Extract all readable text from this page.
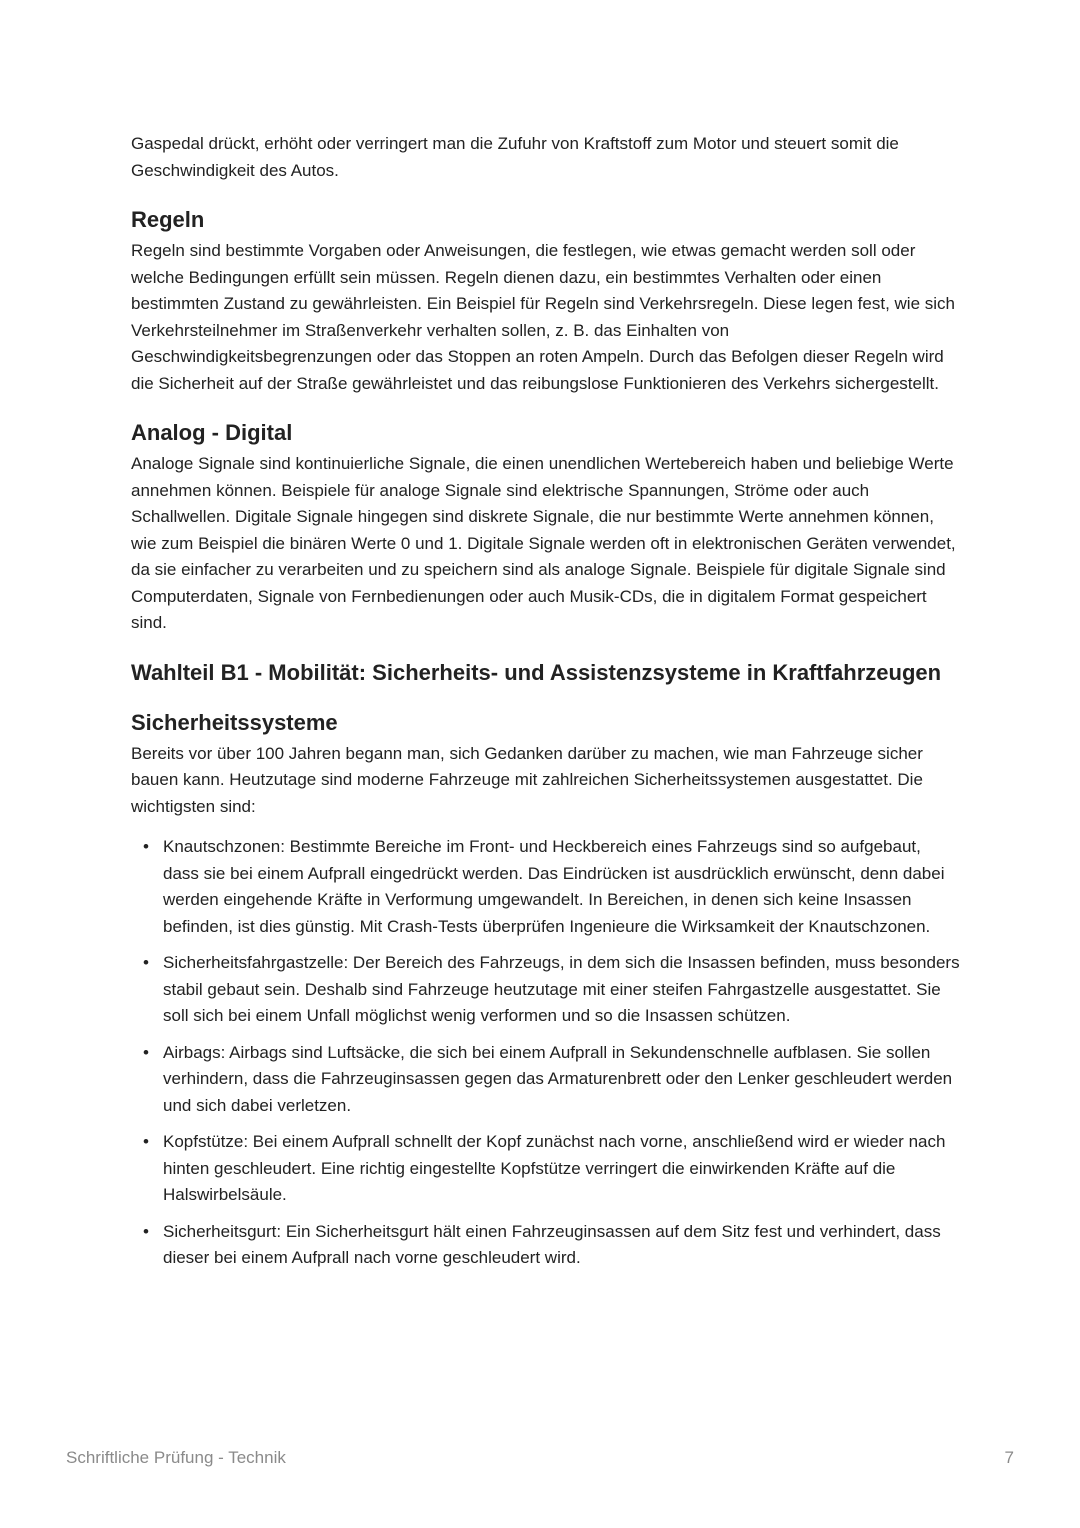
Gaspedal drückt, erhöht oder verringert man die Zufuhr von Kraftstoff zum Motor und steuert somit die Geschwindigkeit des Autos.

Regeln

Regeln sind bestimmte Vorgaben oder Anweisungen, die festlegen, wie etwas gemacht werden soll oder welche Bedingungen erfüllt sein müssen. Regeln dienen dazu, ein bestimmtes Verhalten oder einen bestimmten Zustand zu gewährleisten. Ein Beispiel für Regeln sind Verkehrsregeln. Diese legen fest, wie sich Verkehrsteilnehmer im Straßenverkehr verhalten sollen, z. B. das Einhalten von Geschwindigkeitsbegrenzungen oder das Stoppen an roten Ampeln. Durch das Befolgen dieser Regeln wird die Sicherheit auf der Straße gewährleistet und das reibungslose Funktionieren des Verkehrs sichergestellt.

Analog - Digital

Analoge Signale sind kontinuierliche Signale, die einen unendlichen Wertebereich haben und beliebige Werte annehmen können. Beispiele für analoge Signale sind elektrische Spannungen, Ströme oder auch Schallwellen. Digitale Signale hingegen sind diskrete Signale, die nur bestimmte Werte annehmen können, wie zum Beispiel die binären Werte 0 und 1. Digitale Signale werden oft in elektronischen Geräten verwendet, da sie einfacher zu verarbeiten und zu speichern sind als analoge Signale. Beispiele für digitale Signale sind Computerdaten, Signale von Fernbedienungen oder auch Musik-CDs, die in digitalem Format gespeichert sind.

Wahlteil B1 - Mobilität: Sicherheits- und Assistenzsysteme in Kraftfahrzeugen
Sicherheitssysteme

Bereits vor über 100 Jahren begann man, sich Gedanken darüber zu machen, wie man Fahrzeuge sicher bauen kann. Heutzutage sind moderne Fahrzeuge mit zahlreichen Sicherheitssystemen ausgestattet. Die wichtigsten sind:

• Knautschzonen: Bestimmte Bereiche im Front- und Heckbereich eines Fahrzeugs sind so aufgebaut, dass sie bei einem Aufprall eingedrückt werden. Das Eindrücken ist ausdrücklich erwünscht, denn dabei werden eingehende Kräfte in Verformung umgewandelt. In Bereichen, in denen sich keine Insassen befinden, ist dies günstig. Mit Crash-Tests überprüfen Ingenieure die Wirksamkeit der Knautschzonen.
• Sicherheitsfahrgastzelle: Der Bereich des Fahrzeugs, in dem sich die Insassen befinden, muss besonders stabil gebaut sein. Deshalb sind Fahrzeuge heutzutage mit einer steifen Fahrgastzelle ausgestattet. Sie soll sich bei einem Unfall möglichst wenig verformen und so die Insassen schützen.
• Airbags: Airbags sind Luftsäcke, die sich bei einem Aufprall in Sekundenschnelle aufblasen. Sie sollen verhindern, dass die Fahrzeuginsassen gegen das Armaturenbrett oder den Lenker geschleudert werden und sich dabei verletzen.
• Kopfstütze: Bei einem Aufprall schnellt der Kopf zunächst nach vorne, anschließend wird er wieder nach hinten geschleudert. Eine richtig eingestellte Kopfstütze verringert die einwirkenden Kräfte auf die Halswirbelsäule.
• Sicherheitsgurt: Ein Sicherheitsgurt hält einen Fahrzeuginsassen auf dem Sitz fest und verhindert, dass dieser bei einem Aufprall nach vorne geschleudert wird.
Schriftliche Prüfung - Technik	7
